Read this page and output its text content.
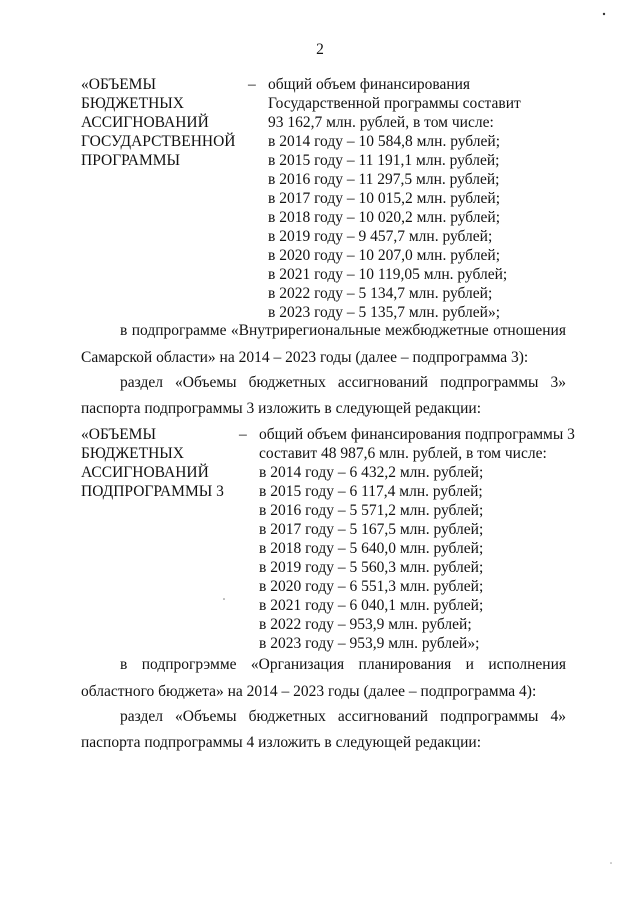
2
«ОБЪЕМЫ
БЮДЖЕТНЫХ
АССИГНОВАНИЙ
ГОСУДАРСТВЕННОЙ
ПРОГРАММЫ
– общий объем финансирования
Государственной программы составит
93 162,7 млн. рублей, в том числе:
в 2014 году – 10 584,8 млн. рублей;
в 2015 году – 11 191,1 млн. рублей;
в 2016 году – 11 297,5 млн. рублей;
в 2017 году – 10 015,2 млн. рублей;
в 2018 году – 10 020,2 млн. рублей;
в 2019 году – 9 457,7 млн. рублей;
в 2020 году – 10 207,0 млн. рублей;
в 2021 году – 10 119,05 млн. рублей;
в 2022 году – 5 134,7 млн. рублей;
в 2023 году – 5 135,7 млн. рублей»;
в подпрограмме «Внутрирегиональные межбюджетные отношения
Самарской области» на 2014 – 2023 годы (далее – подпрограмма 3):
раздел «Объемы бюджетных ассигнований подпрограммы 3»
паспорта подпрограммы 3 изложить в следующей редакции:
«ОБЪЕМЫ
БЮДЖЕТНЫХ
АССИГНОВАНИЙ
ПОДПРОГРАММЫ 3
– общий объем финансирования подпрограммы 3
составит 48 987,6 млн. рублей, в том числе:
в 2014 году – 6 432,2 млн. рублей;
в 2015 году – 6 117,4 млн. рублей;
в 2016 году – 5 571,2 млн. рублей;
в 2017 году – 5 167,5 млн. рублей;
в 2018 году – 5 640,0 млн. рублей;
в 2019 году – 5 560,3 млн. рублей;
в 2020 году – 6 551,3 млн. рублей;
в 2021 году – 6 040,1 млн. рублей;
в 2022 году – 953,9 млн. рублей;
в 2023 году – 953,9 млн. рублей»;
в подпрогрэмме «Организация планирования и исполнения
областного бюджета» на 2014 – 2023 годы (далее – подпрограмма 4):
раздел «Объемы бюджетных ассигнований подпрограммы 4»
паспорта подпрограммы 4 изложить в следующей редакции:
